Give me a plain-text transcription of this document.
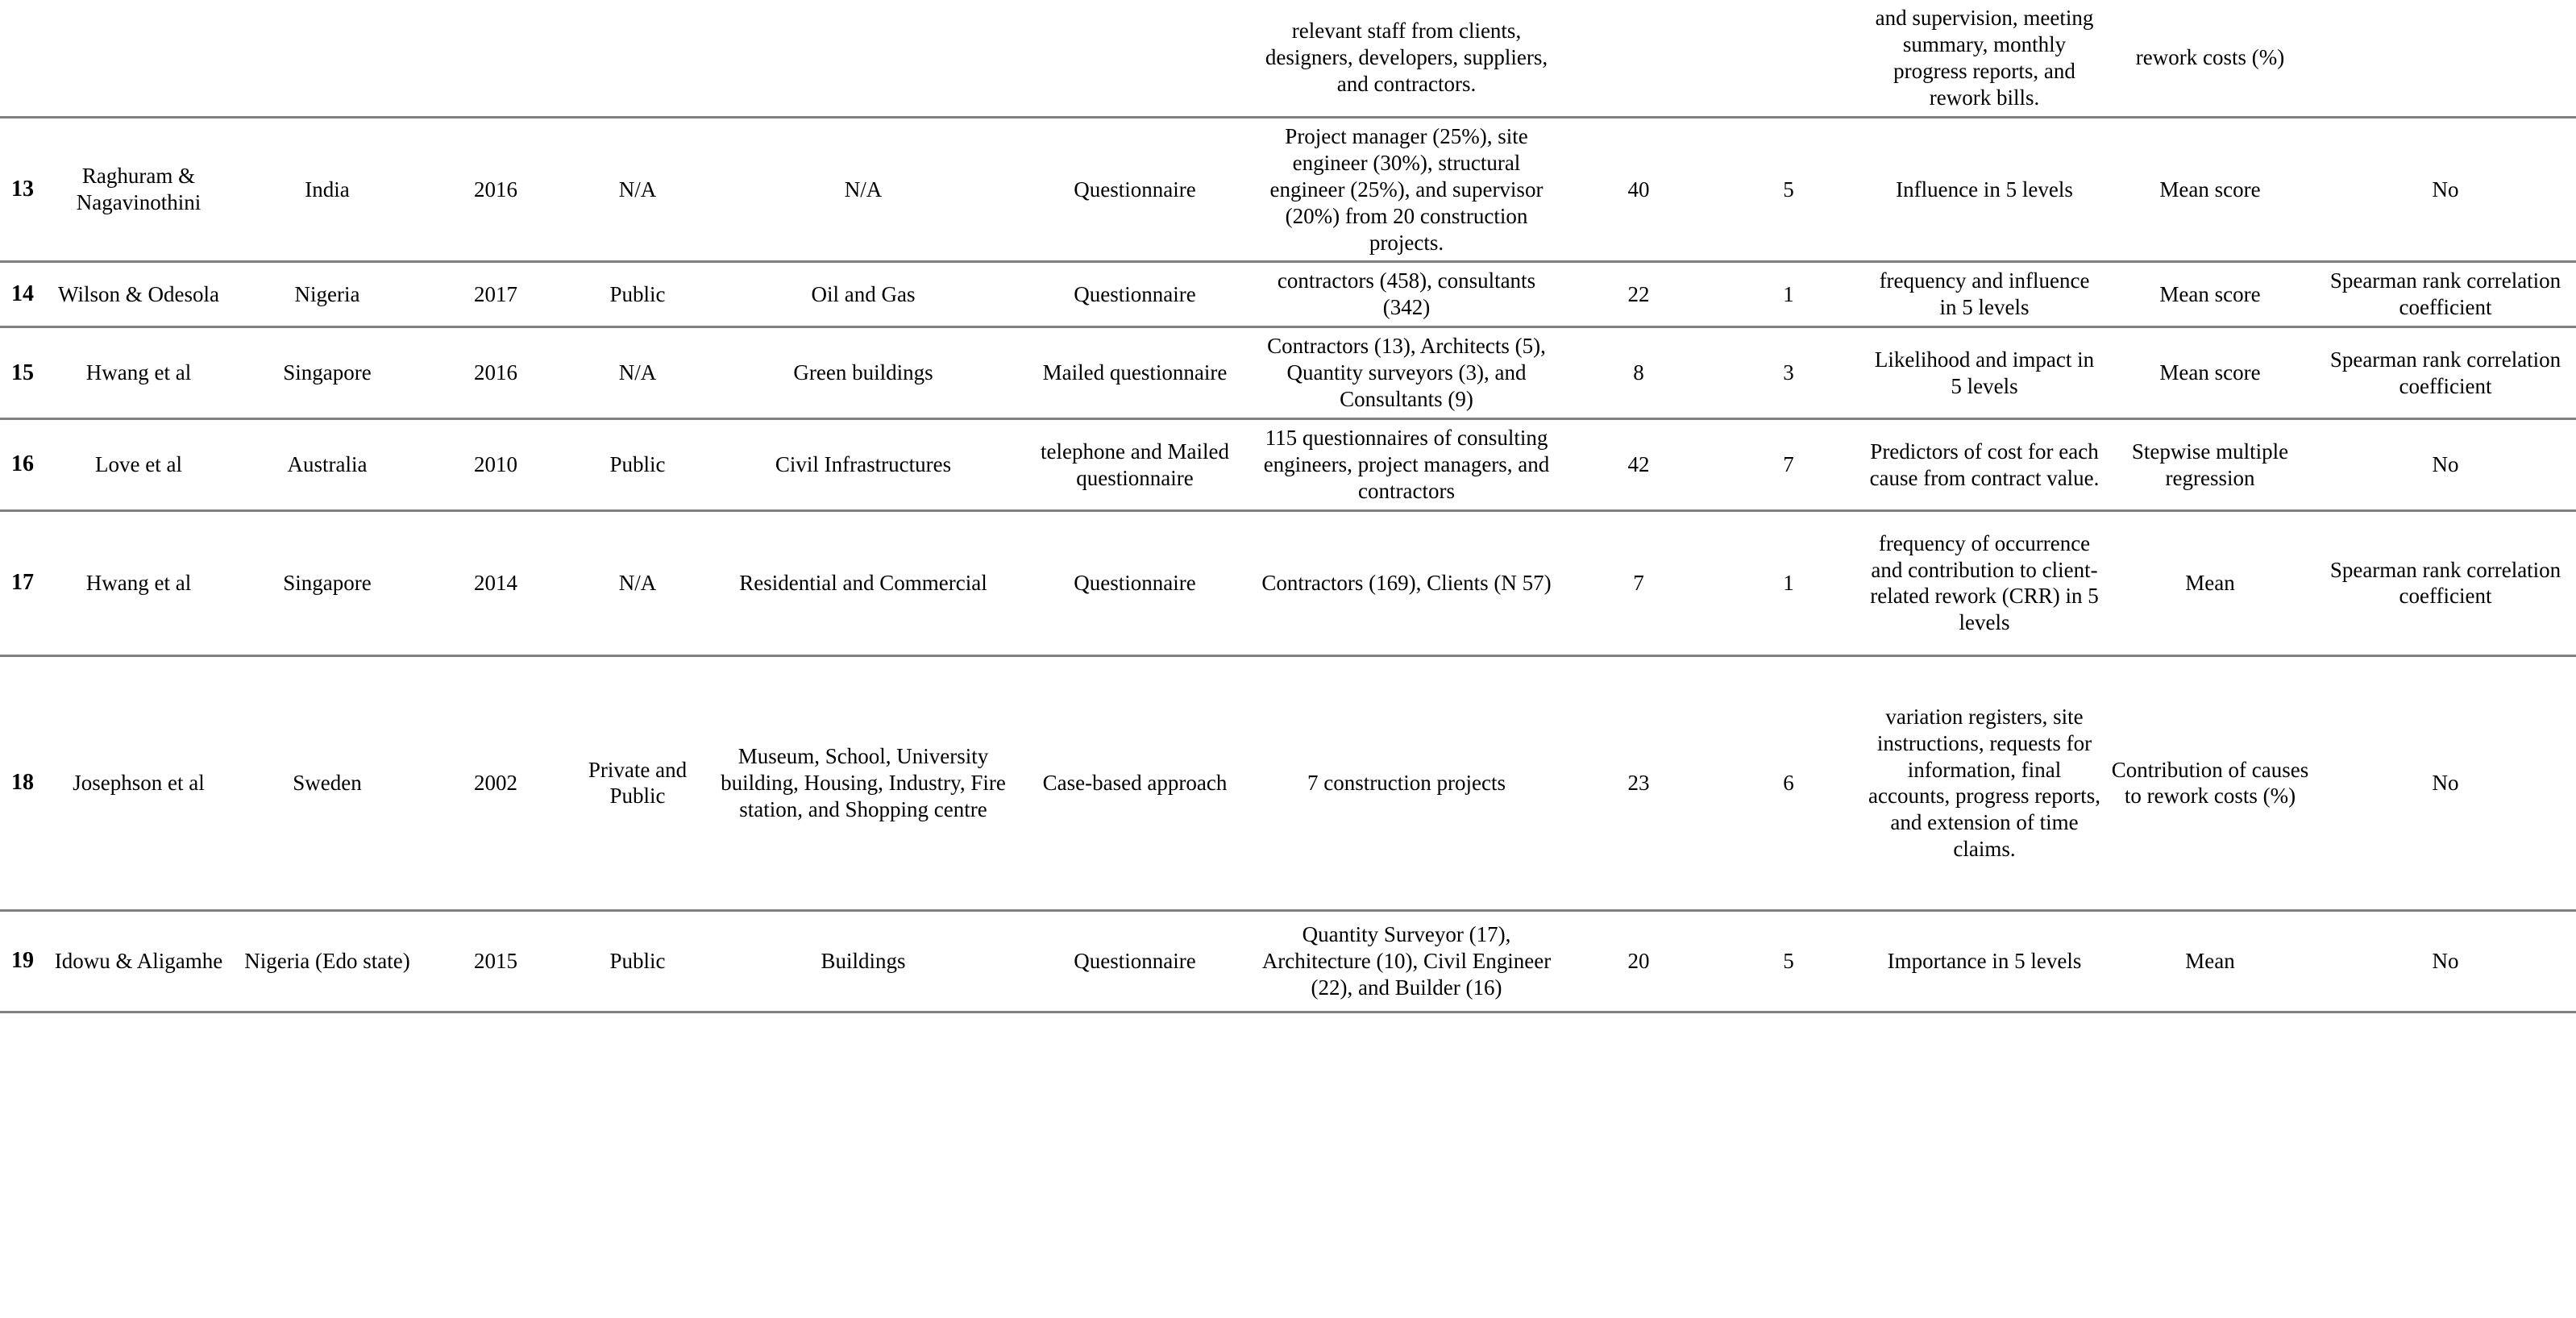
							relevant staff from clients, designers, developers, suppliers, and contractors.			and supervision, meeting summary, monthly progress reports, and rework bills.	rework costs (%)	
13	Raghuram & Nagavinothini	India	2016	N/A	N/A	Questionnaire	Project manager (25%), site engineer (30%), structural engineer (25%), and supervisor (20%) from 20 construction projects.	40	5	Influence in 5 levels	Mean score	No
14	Wilson & Odesola	Nigeria	2017	Public	Oil and Gas	Questionnaire	contractors (458), consultants (342)	22	1	frequency and influence in 5 levels	Mean score	Spearman rank correlation coefficient
15	Hwang et al	Singapore	2016	N/A	Green buildings	Mailed questionnaire	Contractors (13), Architects (5), Quantity surveyors (3), and Consultants (9)	8	3	Likelihood and impact in 5 levels	Mean score	Spearman rank correlation coefficient
16	Love et al	Australia	2010	Public	Civil Infrastructures	telephone and Mailed questionnaire	115 questionnaires of consulting engineers, project managers, and contractors	42	7	Predictors of cost for each cause from contract value.	Stepwise multiple regression	No
17	Hwang et al	Singapore	2014	N/A	Residential and Commercial	Questionnaire	Contractors (169), Clients (N 57)	7	1	frequency of occurrence and contribution to client-related rework (CRR) in 5 levels	Mean	Spearman rank correlation coefficient
18	Josephson et al	Sweden	2002	Private and Public	Museum, School, University building, Housing, Industry, Fire station, and Shopping centre	Case-based approach	7 construction projects	23	6	variation registers, site instructions, requests for information, final accounts, progress reports, and extension of time claims.	Contribution of causes to rework costs (%)	No
19	Idowu & Aligamhe	Nigeria (Edo state)	2015	Public	Buildings	Questionnaire	Quantity Surveyor (17), Architecture (10), Civil Engineer (22), and Builder (16)	20	5	Importance in 5 levels	Mean	No
